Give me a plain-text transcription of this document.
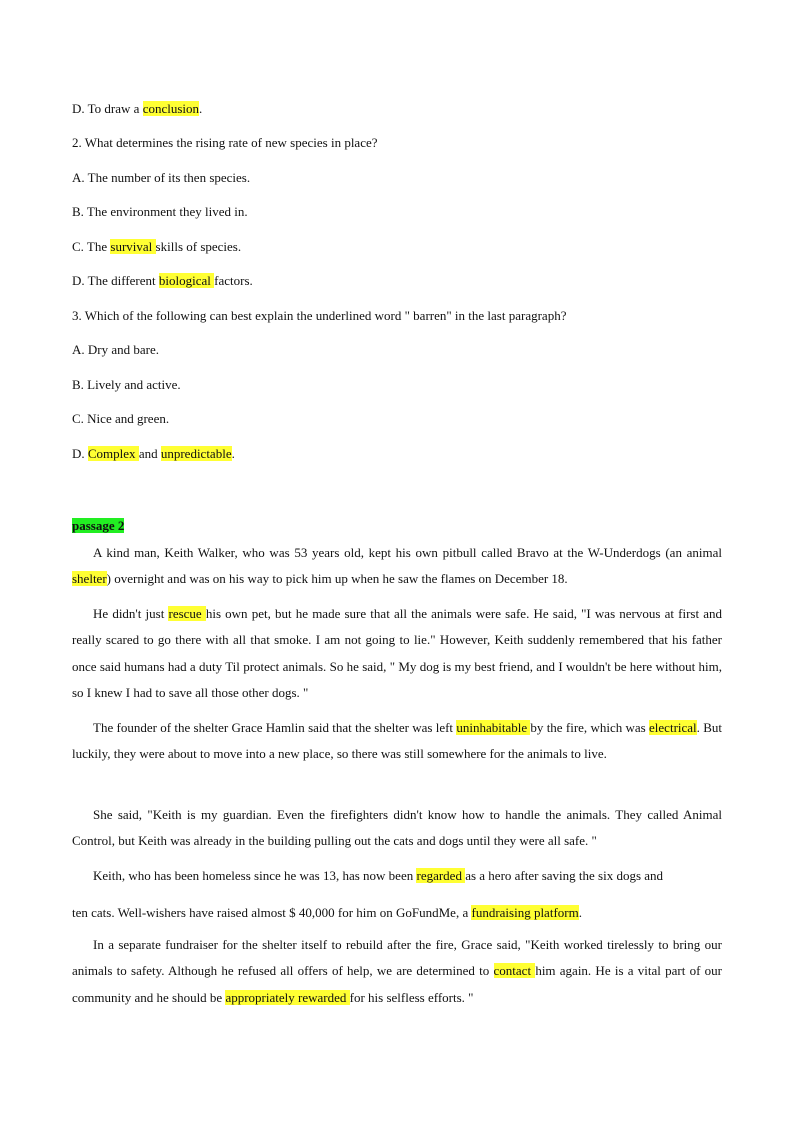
D. To draw a conclusion.
2. What determines the rising rate of new species in place?
A. The number of its then species.
B. The environment they lived in.
C. The survival skills of species.
D. The different biological factors.
3. Which of the following can best explain the underlined word " barren" in the last paragraph?
A. Dry and bare.
B. Lively and active.
C. Nice and green.
D. Complex and unpredictable.
passage 2
A kind man, Keith Walker, who was 53 years old, kept his own pitbull called Bravo at the W-Underdogs (an animal shelter) overnight and was on his way to pick him up when he saw the flames on December 18.
He didn't just rescue his own pet, but he made sure that all the animals were safe. He said, "I was nervous at first and really scared to go there with all that smoke. I am not going to lie." However, Keith suddenly remembered that his father once said humans had a duty Til protect animals. So he said, " My dog is my best friend, and I wouldn't be here without him, so I knew I had to save all those other dogs. "
The founder of the shelter Grace Hamlin said that the shelter was left uninhabitable by the fire, which was electrical. But luckily, they were about to move into a new place, so there was still somewhere for the animals to live.
She said, "Keith is my guardian. Even the firefighters didn't know how to handle the animals. They called Animal Control, but Keith was already in the building pulling out the cats and dogs until they were all safe. "
Keith, who has been homeless since he was 13, has now been regarded as a hero after saving the six dogs and
ten cats. Well-wishers have raised almost $ 40,000 for him on GoFundMe, a fundraising platform.
In a separate fundraiser for the shelter itself to rebuild after the fire, Grace said, "Keith worked tirelessly to bring our animals to safety. Although he refused all offers of help, we are determined to contact him again. He is a vital part of our community and he should be appropriately rewarded for his selfless efforts. "
